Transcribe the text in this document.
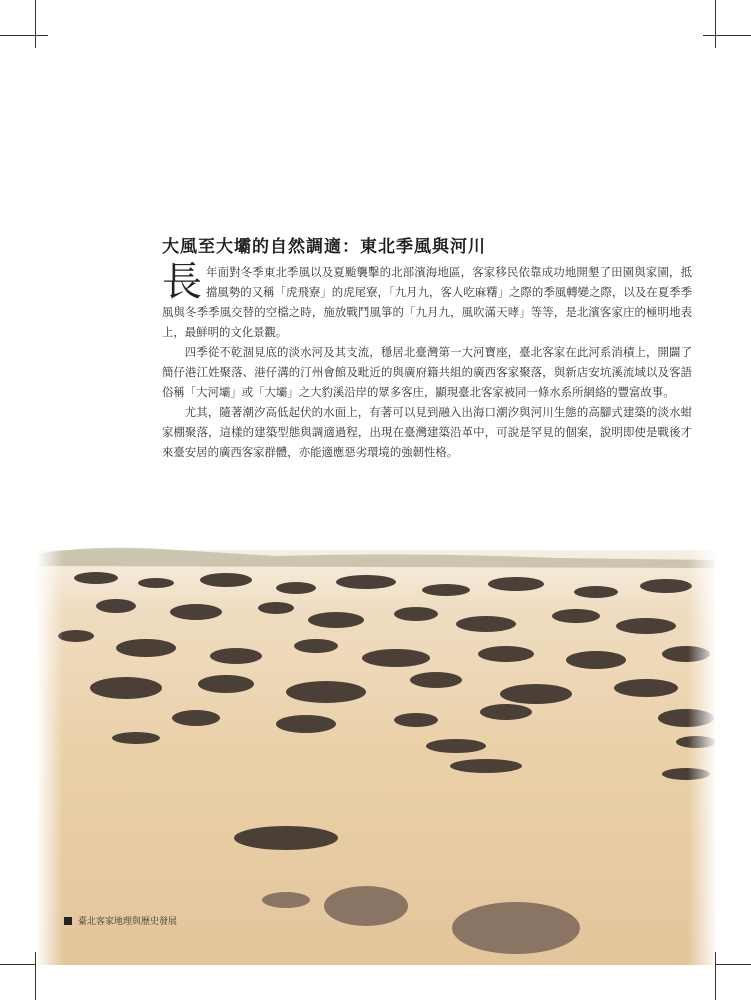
大風至大壩的自然調適：東北季風與河川

長年面對冬季東北季風以及夏颱襲擊的北部濱海地區，客家移民依靠成功地開墾了田園與家園，抵擋風勢的又稱「虎飛寮」的虎尾寮，「九月九，客人吃麻糬」之際的季風轉變之際，以及在夏季季風與冬季季風交替的空檔之時，施放戰鬥風箏的「九月九，風吹滿天哮」等等，是北濱客家庄的極明地表上，最鮮明的文化景觀。

四季從不乾涸見底的淡水河及其支流，穩居北臺灣第一大河寶座，臺北客家在此河系消積上，開闢了簡仔港江姓聚落、港仔溝的汀州會館及毗近的與廣府籍共組的廣西客家聚落，與新店安坑溪流域以及客語俗稱「大河壩」或「大壩」之大豹溪沿岸的眾多客庄，顯現臺北客家被同一條水系所網絡的豐富故事。

尤其，隨著潮汐高低起伏的水面上，有著可以見到融入出海口潮汐與河川生態的高腳式建築的淡水蚶家棚聚落，這樣的建築型態與調適過程，出現在臺灣建築沿革中，可說是罕見的個案，說明即使是戰後才來臺安居的廣西客家群體，亦能適應惡劣環境的強韌性格。

臺北客家地理與歷史發展
